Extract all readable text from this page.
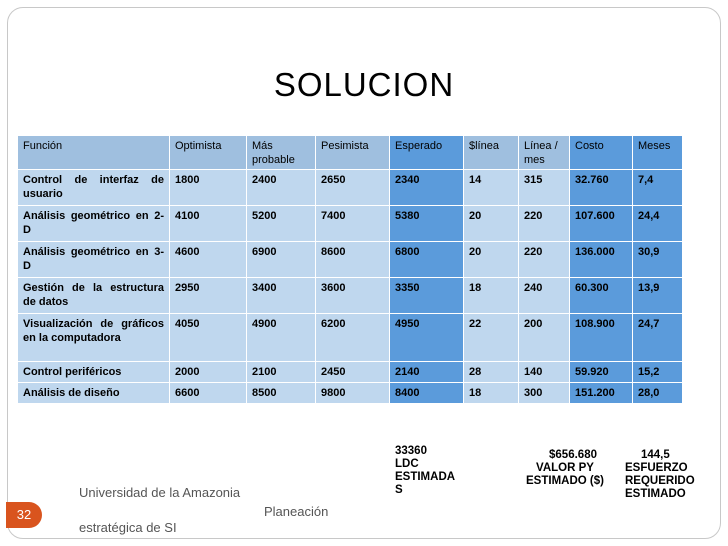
SOLUCION
Función	Optimista	Más probable	Pesimista	Esperado	$línea	Línea / mes	Costo	Meses
Control de interfaz de usuario	1800	2400	2650	2340	14	315	32.760	7,4
Análisis geométrico en 2-D	4100	5200	7400	5380	20	220	107.600	24,4
Análisis geométrico en 3-D	4600	6900	8600	6800	20	220	136.000	30,9
Gestión de la estructura de datos	2950	3400	3600	3350	18	240	60.300	13,9
Visualización de gráficos en la computadora	4050	4900	6200	4950	22	200	108.900	24,7
Control periféricos	2000	2100	2450	2140	28	140	59.920	15,2
Análisis de diseño	6600	8500	9800	8400	18	300	151.200	28,0
33360
LDC
ESTIMADA
S
$656.680
VALOR PY
ESTIMADO ($)
144,5
ESFUERZO
REQUERIDO
ESTIMADO
32
Universidad de la Amazonia
Planeación
estratégica de SI
